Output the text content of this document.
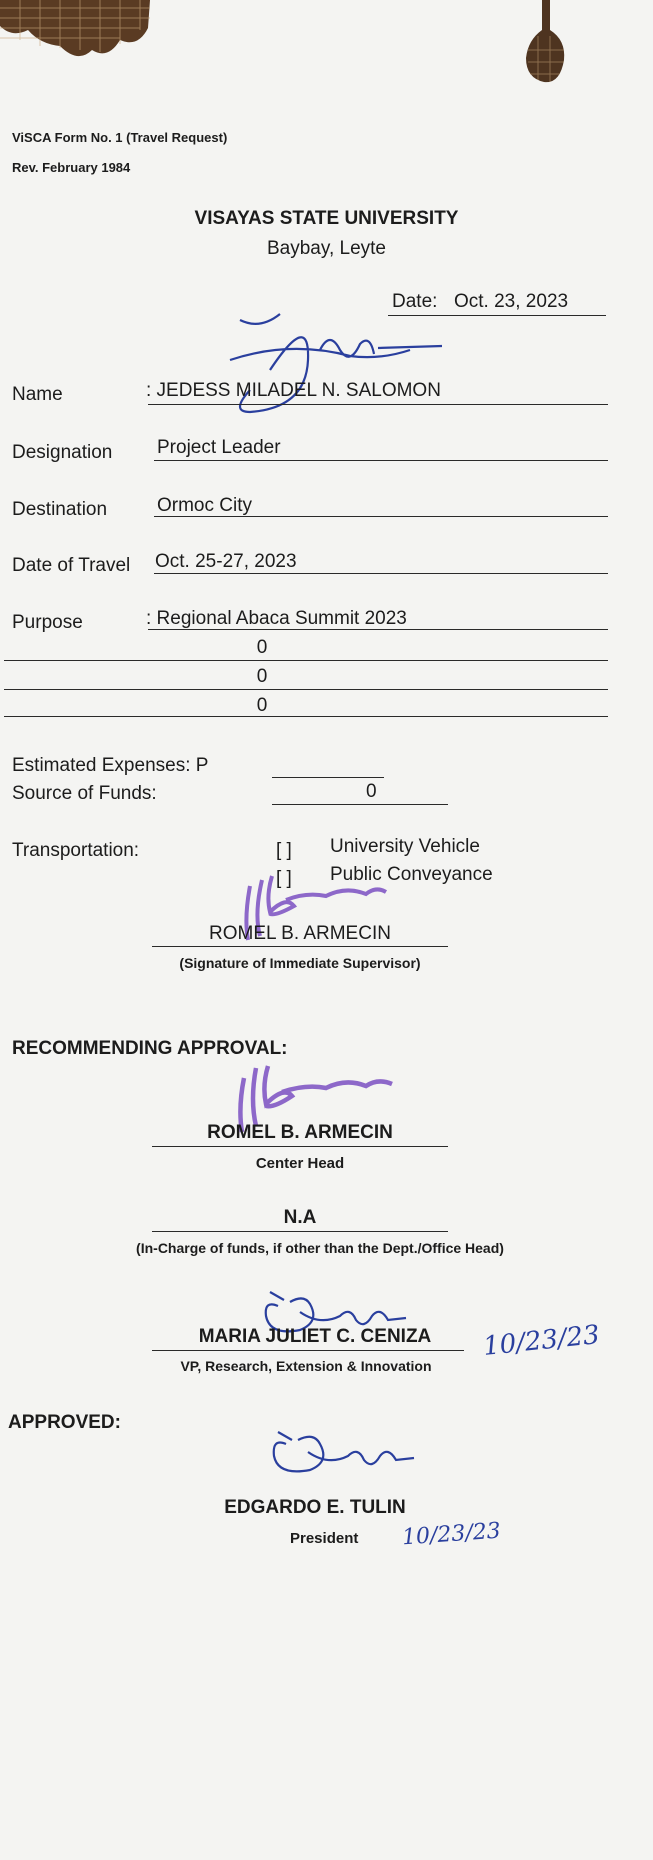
ViSCA Form No. 1 (Travel Request)
Rev. February 1984
VISAYAS STATE UNIVERSITY
Baybay, Leyte
Date: Oct. 23, 2023
Name	: JEDESS MILADEL N. SALOMON
Designation Project Leader
Destination	Ormoc City
Date of Travel Oct. 25-27, 2023
Purpose	: Regional Abaca Summit 2023
0
0
0
Estimated Expenses: P
Source of Funds:	0
Transportation:	[ ] University Vehicle
[ ] Public Conveyance
ROMEL B. ARMECIN
(Signature of Immediate Supervisor)
RECOMMENDING APPROVAL:
ROMEL B. ARMECIN
Center Head
N.A
(In-Charge of funds, if other than the Dept./Office Head)
MARIA JULIET C. CENIZA
VP, Research, Extension & Innovation
10/23/23
APPROVED:
EDGARDO E. TULIN
President 10/23/23
